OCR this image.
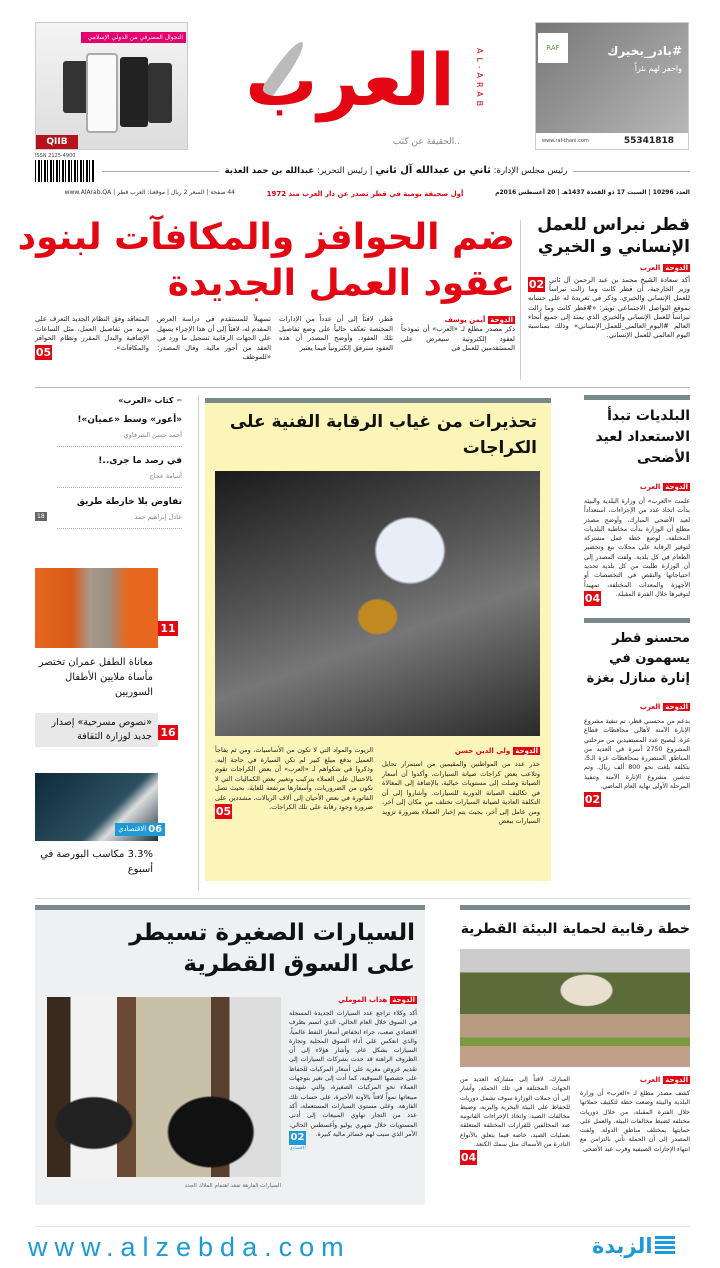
التجوال المصرفي من الدولي الإسلامي
QIIB
العرب	AL-ARAB
..الحقيقة عن كثب
RAF	#بادر_بخيرك
واحفر لهم بئراً
www.raf-thani.com	55341818
ISSN 2125-4900
رئيس مجلس الإدارة: ثاني بن عبدالله آل ثاني | رئيس التحرير: عبدالله بن حمد العذبة
العدد 10296 | السبت 17 ذو القعدة 1437هـ | 20 أغسطس 2016م
أول صحيفة يومية في قطر تصدر عن دار العرب منذ 1972
44 صفحة | السعر 2 ريال | موقعنا: العرب قطر | www.AlArab.QA
قطر نبراس للعمل الإنساني و الخيري
الدوحةالعرب
02 أكد سعادة الشيخ محمد بن عبد الرحمن آل ثاني وزير الخارجية، أن قطر كانت وما زالت نبراساً للعمل الإنساني والخيري. وذكر في تغريدة له على حسابه بموقع التواصل الاجتماعي تويتر: «#قطر كانت وما زالت نبراساً للعمل الإنساني والخيري الذي يمتد إلى جميع أنحاء العالم #اليوم_العالمي_للعمل_الإنساني» وذلك بمناسبة اليوم العالمي للعمل الإنساني.
ضم الحوافز والمكافآت لبنود
عقود العمل الجديدة
الدوحةأيمن يوسف
ذكر مصدر مطلع لـ «العرب» أن نموذجاً لعقود إلكترونية سيعرض على المستقدمين للعمل في
قطر، لافتاً إلى أن عدداً من الإدارات المختصة تعكف حالياً على وضع تفاصيل تلك العقود. وأوضح المصدر أن هذه العقود سترفق إلكترونياً فيما يعتبر
تسهيلاً للمستقدم في دراسة العرض المقدم له، لافتاً إلى أن هذا الإجراء يسهل على الجهات الرقابية تسجيل ما ورد في العقد من أجور مالية. وقال المصدر: «للموظف
المتعاقد وفق النظام الجديد التعرف على مزيد من تفاصيل العمل، مثل الساعات الإضافية والبدل المقرر ونظام الحوافز والمكافآت».
05
✒ كتاب «العرب»
«أعور» وسط «عميان»!
أحمد حسن الشرقاوي
في رصد ما جرى..!
أسامة عجاج
تفاوض بلا خارطة طريق
عادل إبراهيم حمد
18
11
معاناة الطفل عمران تختصر مأساة ملايين الأطفال السوريين
«نصوص مسرحية» إصدار جديد لوزارة الثقافة 16
06
الاقتصادي
3.3% مكاسب البورصة في أسبوع
تحذيرات من غياب الرقابة الفنية على الكراجات
الدوحةولي الدين حسن
حذر عدد من المواطنين والمقيمين من استمرار تحايل وتلاعب بعض كراجات صيانة السيارات، وأكدوا أن أسعار الصيانة وصلت إلى مستويات خيالية، بالإضافة إلى المغالاة في تكاليف الصيانة الدورية للسيارات. وأشاروا إلى أن التكلفة العادية لصيانة السيارات تختلف من مكان إلى آخر، ومن عامل إلى آخر، بحيث يتم إخبار العملاء بضرورة تزويد السيارات ببعض
الزيوت والمواد التي لا تكون من الأساسيات، ومن ثم يفاجأ العميل بدفع مبلغ كبير لم تكن السيارة في حاجة إليه. وذكروا في شكواهم لـ «العرب» أن بعض الكراجات تقوم بالاحتيال على العملاء بتركيب وتغيير بعض الكماليات التي لا تكون من الضروريات، وأسعارها مرتفعة للغاية، بحيث تصل الفاتورة في بعض الأحيان إلى آلاف الريالات، مشددين على ضرورة وجود رقابة على تلك الكراجات.
05
البلديات تبدأ الاستعداد لعيد الأضحى
الدوحةالعرب
علمت «العرب» أن وزارة البلدية والبيئة بدأت اتخاذ عدد من الإجراءات، استعداداً لعيد الأضحى المبارك، وأوضح مصدر مطلع أن الوزارة بدأت مخاطبة البلديات المختلفة، لوضع خطة عمل مشتركة لتوفير الرقابة على محلات بيع وتحضير الطعام في كل بلدية. ولفت المصدر إلى أن الوزارة طلبت من كل بلدية تحديد احتياجاتها والنقص في التخصصات أو الأجهزة والمعدات المختلفة، تمهيداً لتوفيرها خلال الفترة المقبلة.
04
محسنو قطر يسهمون في إنارة منازل بغزة
الدوحةالعرب
بدعم من محسني قطر، تم تنفيذ مشروع الإنارة الآمنة لأهالي محافظات قطاع غزة، ليصبح عدد المستفيدين من مرحلتي المشروع 2750 أسرة في العديد من المناطق المتضررة بمحافظات غزة الـ5، بتكلفة بلغت نحو 800 ألف ريال. وتم تدشين مشروع الإنارة الآمنة وتنفيذ المرحلة الأولى نهاية العام الماضي.
02
السيارات الصغيرة تسيطر على السوق القطرية
السيارات الفارهة تفقد اهتمام الملاك الجدد
الدوحةهداب الموملي
أكد وكلاء تراجع عدد السيارات الجديدة المسجلة في السوق خلال العام الحالي، الذي اتسم بظرف اقتصادي صعب، جراء انخفاض أسعار النفط عالمياً، والذي انعكس على أداء السوق المحلية وتجارة السيارات بشكل عام. وأشار هؤلاء إلى أن الظروف الراهنة قد حدت بشركات السيارات إلى تقديم عروض مغرية على أسعار المركبات للحفاظ على حصصها السوقية، كما أدت إلى تغير بتوجهات العملاء نحو المركبات الصغيرة، والتي شهدت مبيعاتها نمواً لافتاً بالآونة الأخيرة، على حساب تلك الفارهة. وعلى مستوى السيارات المستعملة، أكد عدد من التجار تهاوي المبيعات إلى أدنى المستويات خلال شهري يوليو وأغسطس الحالي، الأمر الذي سبب لهم خسائر مالية كبيرة.
02
الاقتصادي
خطة رقابية لحماية البيئة القطرية
الدوحةالعرب
كشف مصدر مطلع لـ «العرب» أن وزارة البلدية والبيئة وضعت خطة لتكثيف حملاتها خلال الفترة المقبلة، من خلال دوريات مختلفة لضبط مخالفات البيئة، والعمل على حمايتها بمختلف مناطق الدولة. ولفت المصدر إلى أن الحملة تأتي بالتزامن مع انتهاء الإجازات الصيفية وقرب عيد الأضحى
المبارك، لافتاً إلى مشاركة العديد من الجهات المختلفة في تلك الحملة. وأشار إلى أن حملات الوزارة سوف تشمل دوريات للحفاظ على البيئة البحرية والبرية، وضبط مخالفات الصيد، واتخاذ الإجراءات القانونية ضد المخالفين للقرارات المختلفة المتعلقة بعمليات الصيد، خاصة فيما يتعلق بالأنواع النادرة من الأسماك مثل سمك الكنعد.
04
www.alzebda.com	الزبدة
